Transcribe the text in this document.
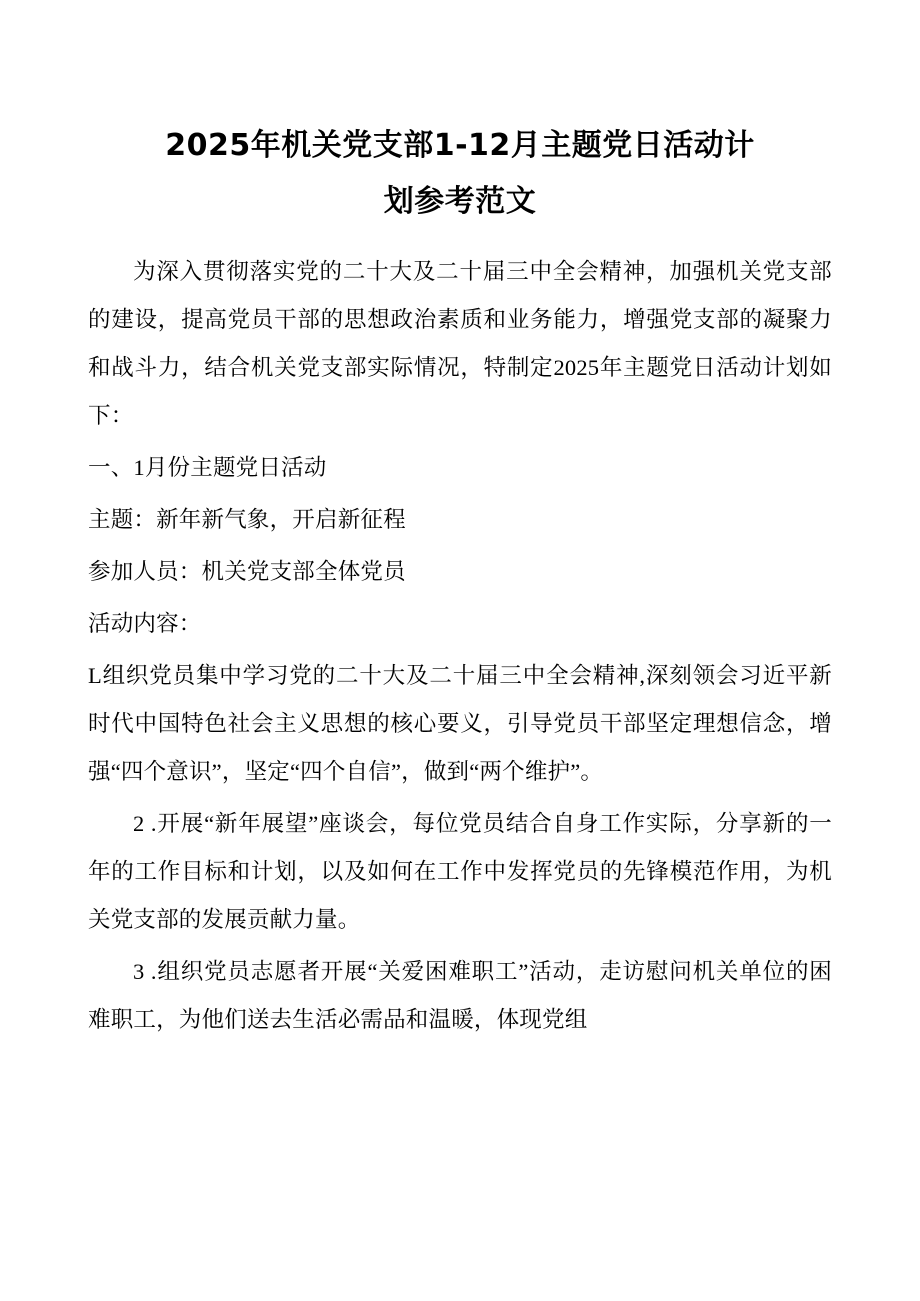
2025年机关党支部1-12月主题党日活动计
划参考范文

为深入贯彻落实党的二十大及二十届三中全会精神，加强机关党支部的建设，提高党员干部的思想政治素质和业务能力，增强党支部的凝聚力和战斗力，结合机关党支部实际情况，特制定2025年主题党日活动计划如下：

一、1月份主题党日活动

主题：新年新气象，开启新征程

参加人员：机关党支部全体党员

活动内容：

L组织党员集中学习党的二十大及二十届三中全会精神,深刻领会习近平新时代中国特色社会主义思想的核心要义，引导党员干部坚定理想信念，增强“四个意识”，坚定“四个自信”，做到“两个维护”。

2 .开展“新年展望”座谈会，每位党员结合自身工作实际，分享新的一年的工作目标和计划，以及如何在工作中发挥党员的先锋模范作用，为机关党支部的发展贡献力量。

3 .组织党员志愿者开展“关爱困难职工”活动，走访慰问机关单位的困难职工，为他们送去生活必需品和温暖，体现党组
